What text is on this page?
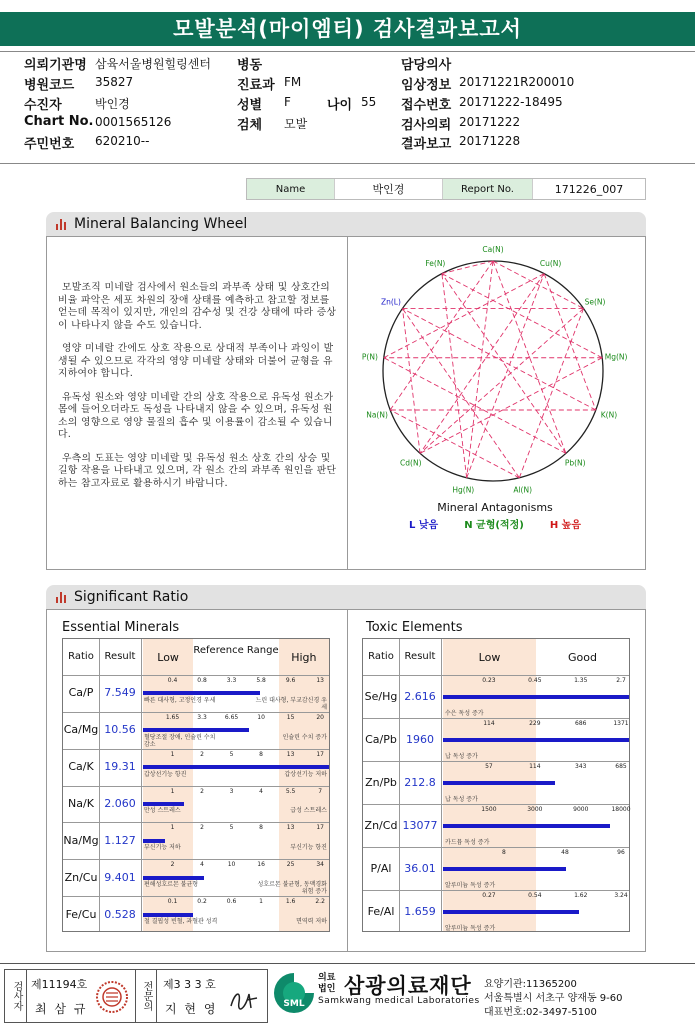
모발분석(마이엠티) 검사결과보고서
의뢰기관명 삼육서울병원힐링센터 병동	담당의사
병원코드 35827	진료과 FM	임상정보 20171221R200010
수진자	박인경	성별 F	나이 55 접수번호 20171222-18495
Chart No. 0001565126	검체 모발	검사의뢰 20171222
주민번호 620210--	결과보고 20171228
Name	박인경	Report No.	171226_007
Mineral Balancing Wheel

모발조직 미네랄 검사에서 원소들의 과부족 상태 및 상호간의 비율 파악은 세포 차원의 장애 상태를 예측하고 참고할 정보를 얻는데 목적이 있지만, 개인의 감수성 및 건강 상태에 따라 증상이 나타나지 않을 수도 있습니다.

영양 미네랄 간에도 상호 작용으로 상대적 부족이나 과잉이 발생될 수 있으므로 각각의 영양 미네랄 상태와 더불어 균형을 유지하여야 합니다.

유독성 원소와 영양 미네랄 간의 상호 작용으로 유독성 원소가 몸에 들어오더라도 독성을 나타내지 않을 수 있으며, 유독성 원소의 영향으로 영양 물질의 흡수 및 이용률이 감소될 수 있습니다.

우측의 도표는 영양 미네랄 및 유독성 원소 상호 간의 상승 및 길항 작용을 나타내고 있으며, 각 원소 간의 과부족 원인을 판단하는 참고자료로 활용하시기 바랍니다.

Ca(N)
Cu(N)
Se(N)
Mg(N)
K(N)
Pb(N)
Al(N)
Hg(N)
Cd(N)
Na(N)
P(N)
Zn(L)
Fe(N)
Mineral Antagonisms
L 낮음	N 균형(적정)	H 높음
Significant Ratio
Essential Minerals	Toxic Elements
Ratio	Result	Low
Reference Range
High
Ca/P 7.549
0.4	0.8	3.3	5.8	9.6	13
빠른 대사형, 고정인경 우세	느린 대사형, 부교감신경 우세
Ca/Mg 10.56
1.65	3.3	6.65	10	15	20
혈당조절 장애, 인슐린 수치 감소
인슐린 수치 증가
Ca/K 19.31
1	2	5	8	13	17
갑상선기능 항진	갑상선기능 저하
Na/K 2.060
1	2	3	4	5.5	7
만성 스트레스	급성 스트레스
Na/Mg 1.127
1	2	5	8	13	17
부신기능 저하	부신기능 항진
Zn/Cu 9.401
2	4	10	16	25	34
편해성호르몬 불균형	성호르몬 불균형, 동맥경화 위험 증가
Fe/Cu 0.528
0.1	0.2	0.6	1	1.6	2.2
철 결핍성 빈혈, 과혈관 성격	면역력 저하
Ratio	Result	Low	Good
Se/Hg 2.616
0.23	0.45	1.35	2.7
수은 독성 증가
Ca/Pb 1960
114	229	686	1371
납 독성 증가
Zn/Pb 212.8
57	114	343	685
납 독성 증가
Zn/Cd 13077
1500	3000	9000	18000
카드뮴 독성 증가
P/Al	36.01
8	48	96
알루미늄 독성 증가
Fe/Al 1.659
0.27	0.54	1.62	3.24
알루미늄 독성 증가
검사자 제11194호
최 삼 규	전문의	제3 3 3 호
지 현 영	SML
의료법인 삼광의료재단
Samkwang medical Laboratories
요양기관:11365200
서울특별시 서초구 양재동 9-60
대표번호:02-3497-5100
